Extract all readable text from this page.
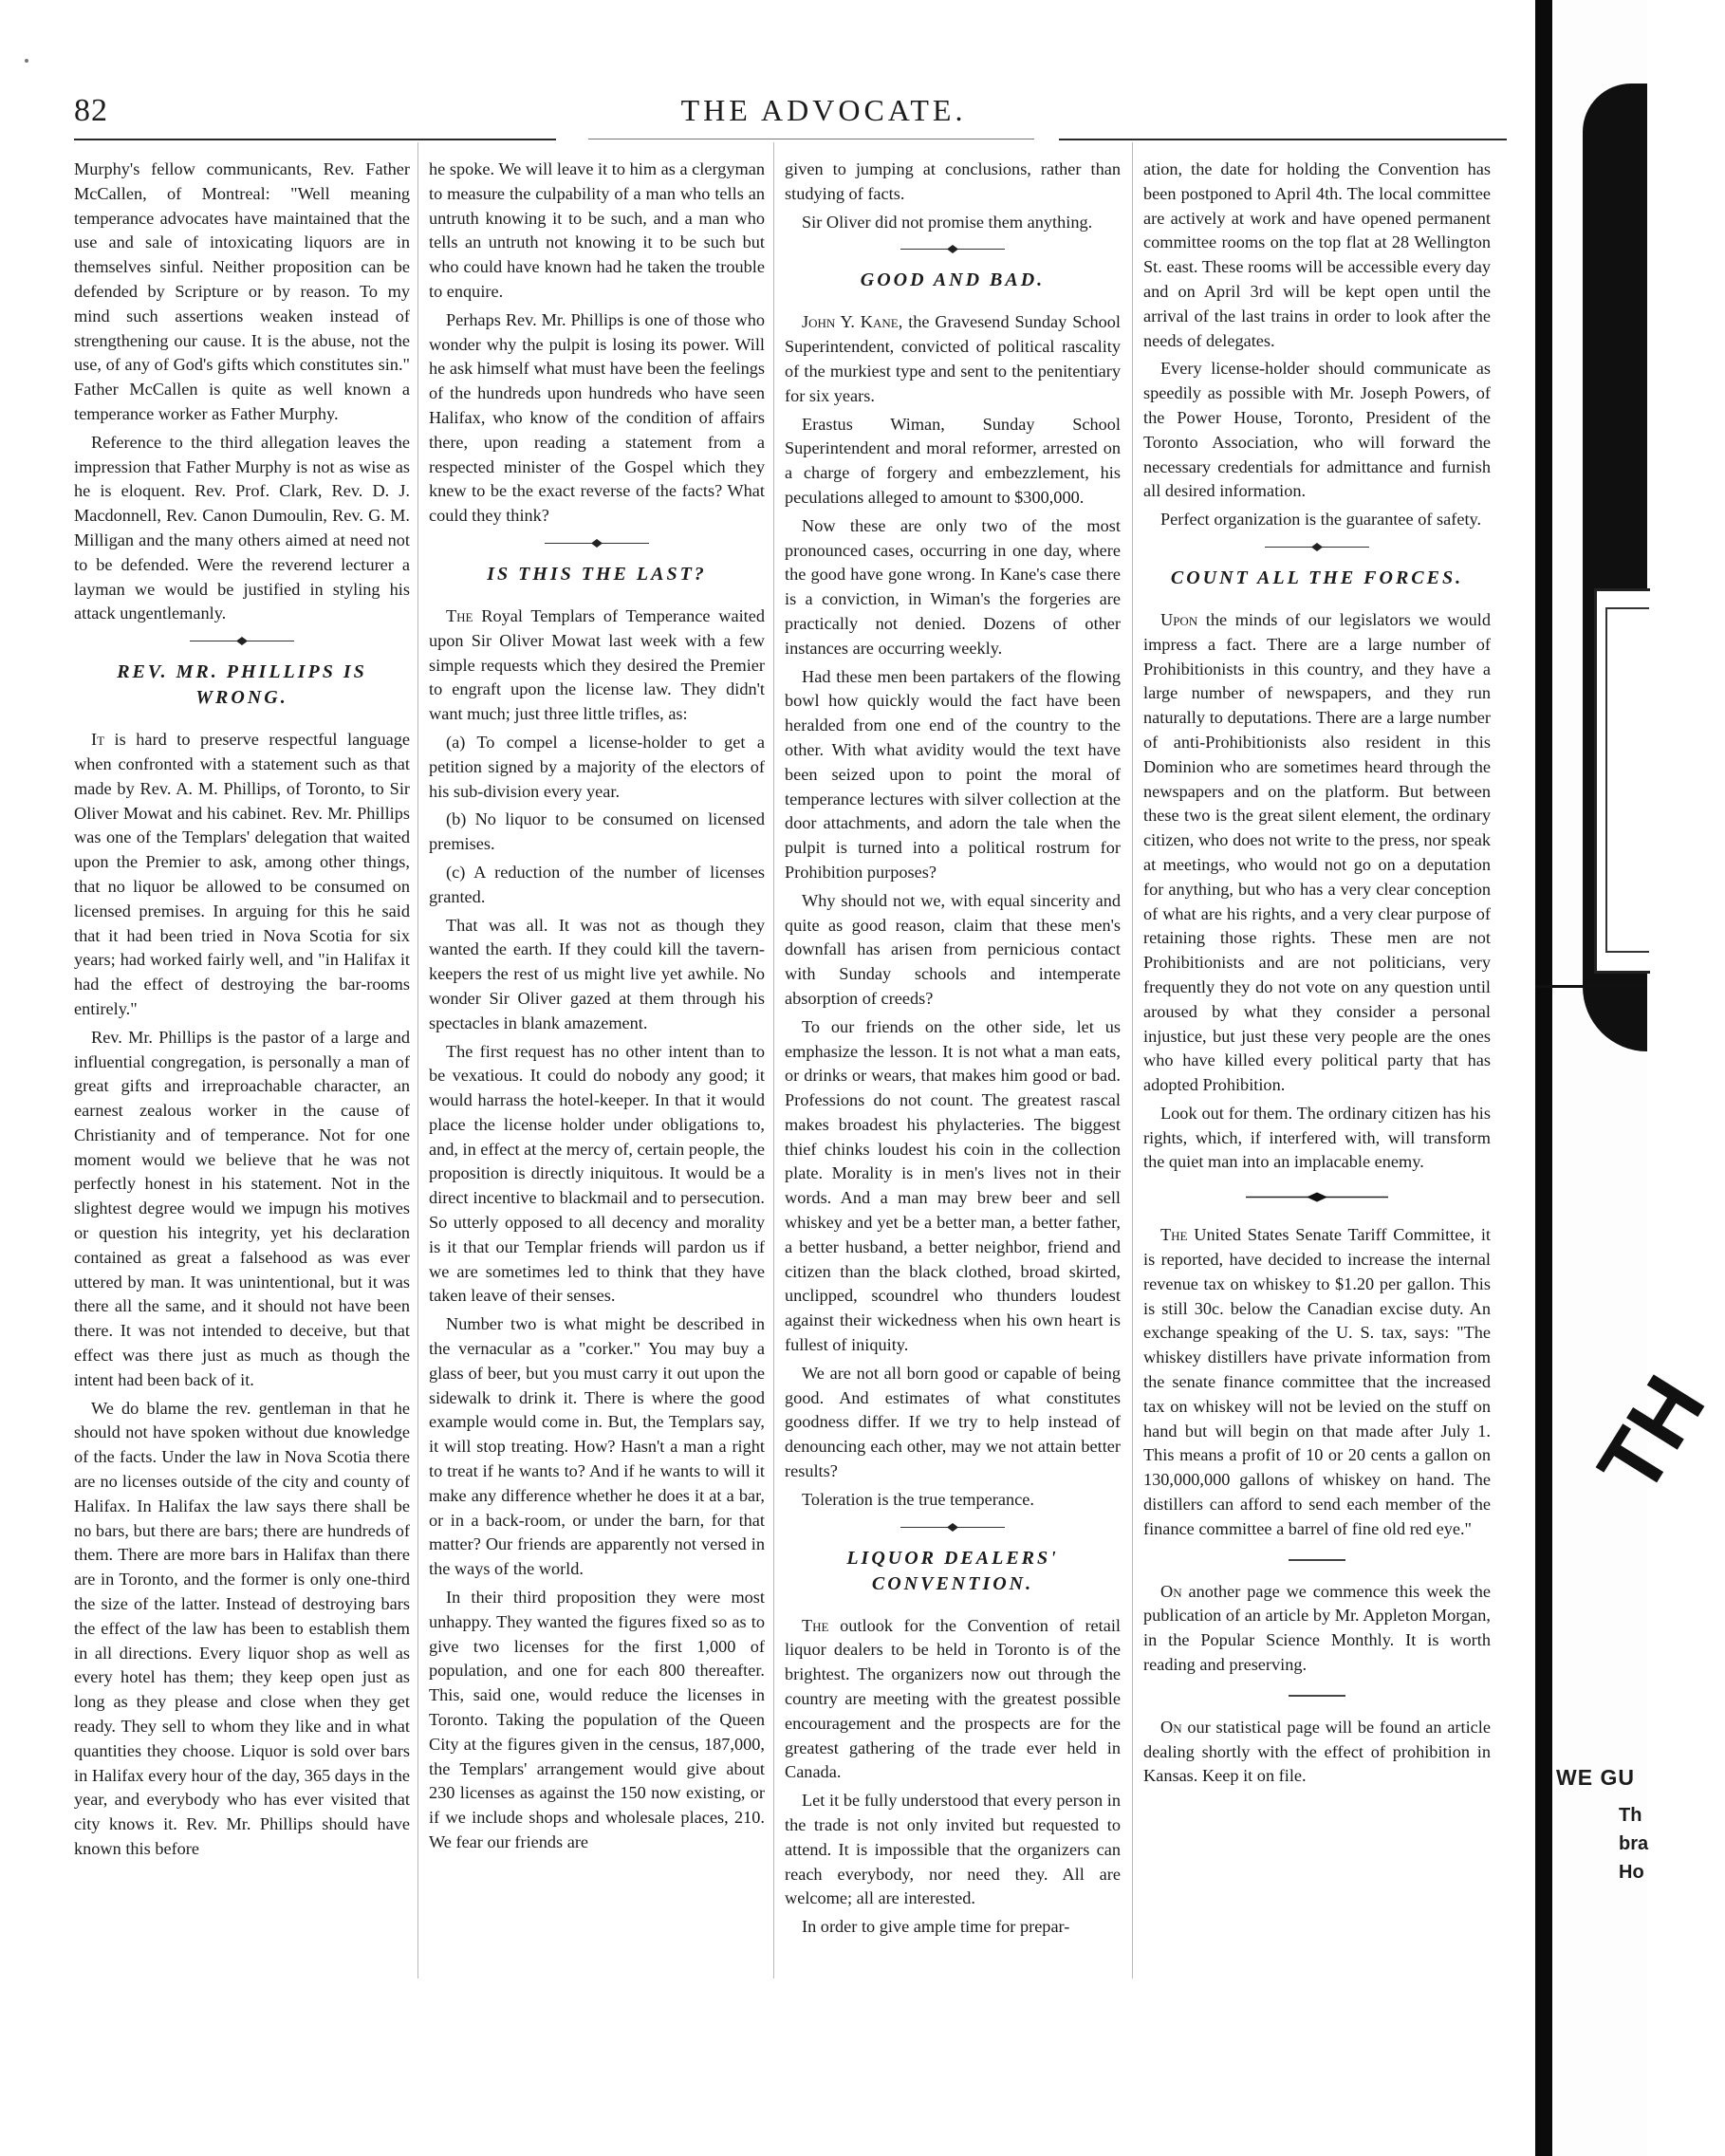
82	THE ADVOCATE.

Murphy's fellow communicants, Rev. Father McCallen, of Montreal: "Well meaning temperance advocates have maintained that the use and sale of intoxicating liquors are in themselves sinful. Neither proposition can be defended by Scripture or by reason. To my mind such assertions weaken instead of strengthening our cause. It is the abuse, not the use, of any of God's gifts which constitutes sin." Father McCallen is quite as well known a temperance worker as Father Murphy.

Reference to the third allegation leaves the impression that Father Murphy is not as wise as he is eloquent. Rev. Prof. Clark, Rev. D. J. Macdonnell, Rev. Canon Dumoulin, Rev. G. M. Milligan and the many others aimed at need not to be defended. Were the reverend lecturer a layman we would be justified in styling his attack ungentlemanly.

REV. MR. PHILLIPS IS WRONG.

It is hard to preserve respectful language when confronted with a statement such as that made by Rev. A. M. Phillips, of Toronto, to Sir Oliver Mowat and his cabinet. Rev. Mr. Phillips was one of the Templars' delegation that waited upon the Premier to ask, among other things, that no liquor be allowed to be consumed on licensed premises. In arguing for this he said that it had been tried in Nova Scotia for six years; had worked fairly well, and "in Halifax it had the effect of destroying the bar-rooms entirely."

Rev. Mr. Phillips is the pastor of a large and influential congregation, is personally a man of great gifts and irreproachable character, an earnest zealous worker in the cause of Christianity and of temperance. Not for one moment would we believe that he was not perfectly honest in his statement. Not in the slightest degree would we impugn his motives or question his integrity, yet his declaration contained as great a falsehood as was ever uttered by man. It was unintentional, but it was there all the same, and it should not have been there. It was not intended to deceive, but that effect was there just as much as though the intent had been back of it.

We do blame the rev. gentleman in that he should not have spoken without due knowledge of the facts. Under the law in Nova Scotia there are no licenses outside of the city and county of Halifax. In Halifax the law says there shall be no bars, but there are bars; there are hundreds of them. There are more bars in Halifax than there are in Toronto, and the former is only one-third the size of the latter. Instead of destroying bars the effect of the law has been to establish them in all directions. Every liquor shop as well as every hotel has them; they keep open just as long as they please and close when they get ready. They sell to whom they like and in what quantities they choose. Liquor is sold over bars in Halifax every hour of the day, 365 days in the year, and everybody who has ever visited that city knows it. Rev. Mr. Phillips should have known this before

he spoke. We will leave it to him as a clergyman to measure the culpability of a man who tells an untruth knowing it to be such, and a man who tells an untruth not knowing it to be such but who could have known had he taken the trouble to enquire.

Perhaps Rev. Mr. Phillips is one of those who wonder why the pulpit is losing its power. Will he ask himself what must have been the feelings of the hundreds upon hundreds who have seen Halifax, who know of the condition of affairs there, upon reading a statement from a respected minister of the Gospel which they knew to be the exact reverse of the facts? What could they think?

IS THIS THE LAST?

The Royal Templars of Temperance waited upon Sir Oliver Mowat last week with a few simple requests which they desired the Premier to engraft upon the license law. They didn't want much; just three little trifles, as:

(a) To compel a license-holder to get a petition signed by a majority of the electors of his sub-division every year.

(b) No liquor to be consumed on licensed premises.

(c) A reduction of the number of licenses granted.

That was all. It was not as though they wanted the earth. If they could kill the tavern-keepers the rest of us might live yet awhile. No wonder Sir Oliver gazed at them through his spectacles in blank amazement.

The first request has no other intent than to be vexatious. It could do nobody any good; it would harrass the hotel-keeper. In that it would place the license holder under obligations to, and, in effect at the mercy of, certain people, the proposition is directly iniquitous. It would be a direct incentive to blackmail and to persecution. So utterly opposed to all decency and morality is it that our Templar friends will pardon us if we are sometimes led to think that they have taken leave of their senses.

Number two is what might be described in the vernacular as a "corker." You may buy a glass of beer, but you must carry it out upon the sidewalk to drink it. There is where the good example would come in. But, the Templars say, it will stop treating. How? Hasn't a man a right to treat if he wants to? And if he wants to will it make any difference whether he does it at a bar, or in a back-room, or under the barn, for that matter? Our friends are apparently not versed in the ways of the world.

In their third proposition they were most unhappy. They wanted the figures fixed so as to give two licenses for the first 1,000 of population, and one for each 800 thereafter. This, said one, would reduce the licenses in Toronto. Taking the population of the Queen City at the figures given in the census, 187,000, the Templars' arrangement would give about 230 licenses as against the 150 now existing, or if we include shops and wholesale places, 210. We fear our friends are

given to jumping at conclusions, rather than studying of facts.

Sir Oliver did not promise them anything.

GOOD AND BAD.

John Y. Kane, the Gravesend Sunday School Superintendent, convicted of political rascality of the murkiest type and sent to the penitentiary for six years.

Erastus Wiman, Sunday School Superintendent and moral reformer, arrested on a charge of forgery and embezzlement, his peculations alleged to amount to $300,000.

Now these are only two of the most pronounced cases, occurring in one day, where the good have gone wrong. In Kane's case there is a conviction, in Wiman's the forgeries are practically not denied. Dozens of other instances are occurring weekly.

Had these men been partakers of the flowing bowl how quickly would the fact have been heralded from one end of the country to the other. With what avidity would the text have been seized upon to point the moral of temperance lectures with silver collection at the door attachments, and adorn the tale when the pulpit is turned into a political rostrum for Prohibition purposes?

Why should not we, with equal sincerity and quite as good reason, claim that these men's downfall has arisen from pernicious contact with Sunday schools and intemperate absorption of creeds?

To our friends on the other side, let us emphasize the lesson. It is not what a man eats, or drinks or wears, that makes him good or bad. Professions do not count. The greatest rascal makes broadest his phylacteries. The biggest thief chinks loudest his coin in the collection plate. Morality is in men's lives not in their words. And a man may brew beer and sell whiskey and yet be a better man, a better father, a better husband, a better neighbor, friend and citizen than the black clothed, broad skirted, unclipped, scoundrel who thunders loudest against their wickedness when his own heart is fullest of iniquity.

We are not all born good or capable of being good. And estimates of what constitutes goodness differ. If we try to help instead of denouncing each other, may we not attain better results?

Toleration is the true temperance.

LIQUOR DEALERS' CONVENTION.

The outlook for the Convention of retail liquor dealers to be held in Toronto is of the brightest. The organizers now out through the country are meeting with the greatest possible encouragement and the prospects are for the greatest gathering of the trade ever held in Canada.

Let it be fully understood that every person in the trade is not only invited but requested to attend. It is impossible that the organizers can reach everybody, nor need they. All are welcome; all are interested.

In order to give ample time for prepar-

ation, the date for holding the Convention has been postponed to April 4th. The local committee are actively at work and have opened permanent committee rooms on the top flat at 28 Wellington St. east. These rooms will be accessible every day and on April 3rd will be kept open until the arrival of the last trains in order to look after the needs of delegates.

Every license-holder should communicate as speedily as possible with Mr. Joseph Powers, of the Power House, Toronto, President of the Toronto Association, who will forward the necessary credentials for admittance and furnish all desired information.

Perfect organization is the guarantee of safety.

COUNT ALL THE FORCES.

Upon the minds of our legislators we would impress a fact. There are a large number of Prohibitionists in this country, and they have a large number of newspapers, and they run naturally to deputations. There are a large number of anti-Prohibitionists also resident in this Dominion who are sometimes heard through the newspapers and on the platform. But between these two is the great silent element, the ordinary citizen, who does not write to the press, nor speak at meetings, who would not go on a deputation for anything, but who has a very clear conception of what are his rights, and a very clear purpose of retaining those rights. These men are not Prohibitionists and are not politicians, very frequently they do not vote on any question until aroused by what they consider a personal injustice, but just these very people are the ones who have killed every political party that has adopted Prohibition.

Look out for them. The ordinary citizen has his rights, which, if interfered with, will transform the quiet man into an implacable enemy.

The United States Senate Tariff Committee, it is reported, have decided to increase the internal revenue tax on whiskey to $1.20 per gallon. This is still 30c. below the Canadian excise duty. An exchange speaking of the U. S. tax, says: "The whiskey distillers have private information from the senate finance committee that the increased tax on whiskey will not be levied on the stuff on hand but will begin on that made after July 1. This means a profit of 10 or 20 cents a gallon on 130,000,000 gallons of whiskey on hand. The distillers can afford to send each member of the finance committee a barrel of fine old red eye."

On another page we commence this week the publication of an article by Mr. Appleton Morgan, in the Popular Science Monthly. It is worth reading and preserving.

On our statistical page will be found an article dealing shortly with the effect of prohibition in Kansas. Keep it on file.

TH
WE GU
Th
bra
Ho
